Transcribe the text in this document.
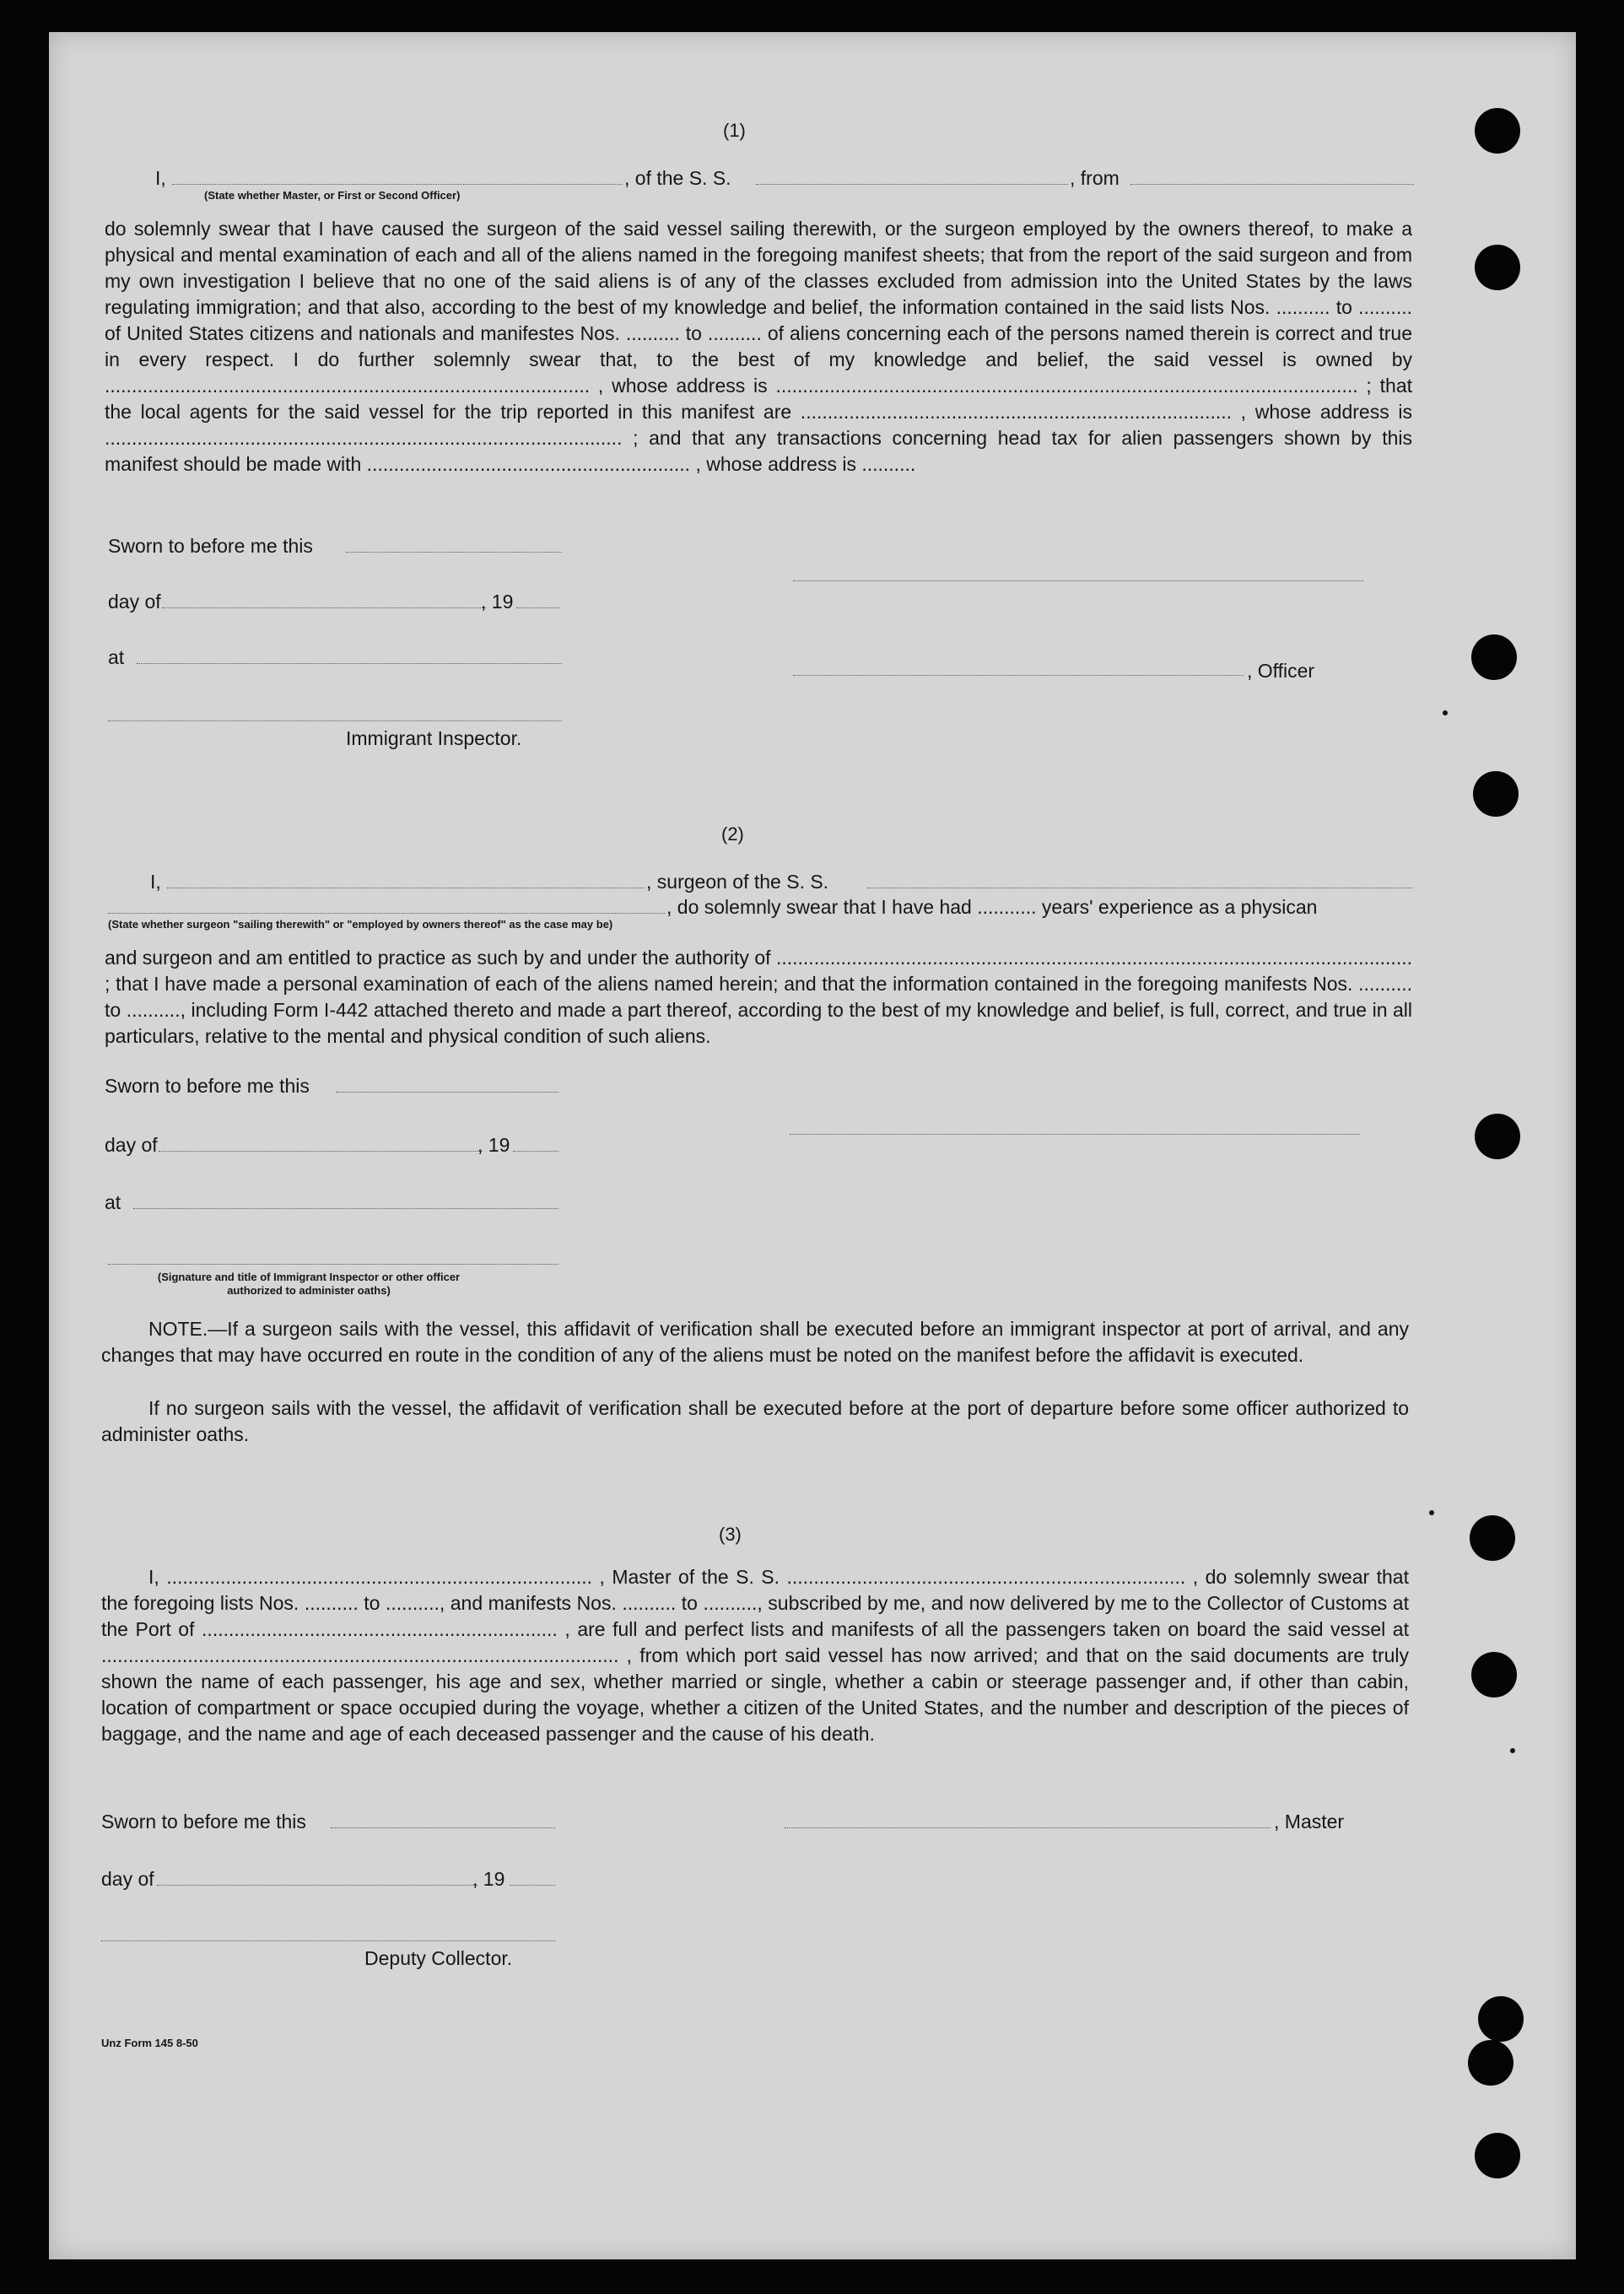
(1)
I,
(State whether Master, or First or Second Officer)
, of the S. S.	, from

do solemnly swear that I have caused the surgeon of the said vessel sailing therewith, or the surgeon employed by the owners thereof, to make a physical and mental examination of each and all of the aliens named in the foregoing manifest sheets; that from the report of the said surgeon and from my own investigation I believe that no one of the said aliens is of any of the classes excluded from admission into the United States by the laws regulating immigration; and that also, according to the best of my knowledge and belief, the information contained in the said lists Nos. .......... to .......... of United States citizens and nationals and manifestes Nos. .......... to .......... of aliens concerning each of the persons named therein is correct and true in every respect. I do further solemnly swear that, to the best of my knowledge and belief, the said vessel is owned by .......................................................................................... , whose address is ............................................................................................................ ; that the local agents for the said vessel for the trip reported in this manifest are ................................................................................ , whose address is ................................................................................................ ; and that any transactions concerning head tax for alien passengers shown by this manifest should be made with ............................................................ , whose address is ..........

Sworn to before me this
day of	, 19
at
, Officer
Immigrant Inspector.
(2)
I,	, surgeon of the S. S.
, do solemnly swear that I have had ........... years' experience as a physican
(State whether surgeon "sailing therewith" or "employed by owners thereof" as the case may be)

and surgeon and am entitled to practice as such by and under the authority of ...................................................................................................................... ; that I have made a personal examination of each of the aliens named herein; and that the information contained in the foregoing manifests Nos. .......... to .........., including Form I-442 attached thereto and made a part thereof, according to the best of my knowledge and belief, is full, correct, and true in all particulars, relative to the mental and physical condition of such aliens.

Sworn to before me this
day of	, 19
at
(Signature and title of Immigrant Inspector or other officer authorized to administer oaths)

NOTE.—If a surgeon sails with the vessel, this affidavit of verification shall be executed before an immigrant inspector at port of arrival, and any changes that may have occurred en route in the condition of any of the aliens must be noted on the manifest before the affidavit is executed.

If no surgeon sails with the vessel, the affidavit of verification shall be executed before at the port of departure before some officer authorized to administer oaths.

(3)

I, ............................................................................... , Master of the S. S. .......................................................................... , do solemnly swear that the foregoing lists Nos. .......... to .........., and manifests Nos. .......... to .........., subscribed by me, and now delivered by me to the Collector of Customs at the Port of .................................................................. , are full and perfect lists and manifests of all the passengers taken on board the said vessel at ................................................................................................ , from which port said vessel has now arrived; and that on the said documents are truly shown the name of each passenger, his age and sex, whether married or single, whether a cabin or steerage passenger and, if other than cabin, location of compartment or space occupied during the voyage, whether a citizen of the United States, and the number and description of the pieces of baggage, and the name and age of each deceased passenger and the cause of his death.

Sworn to before me this	, Master
day of	, 19
Deputy Collector.
Unz Form 145 8-50
